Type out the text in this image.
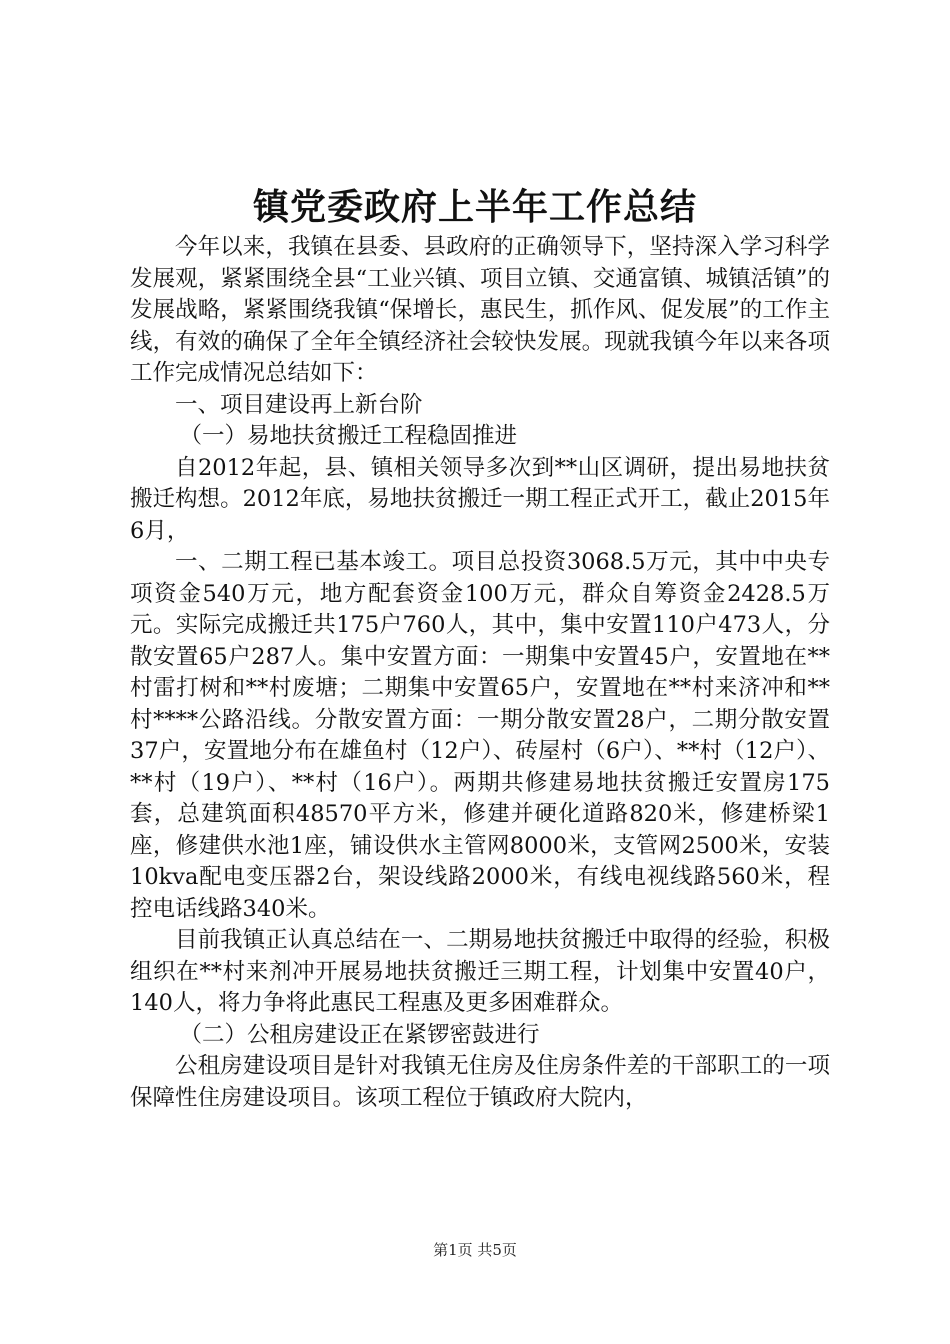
镇党委政府上半年工作总结

今年以来，我镇在县委、县政府的正确领导下，坚持深入学习科学发展观，紧紧围绕全县“工业兴镇、项目立镇、交通富镇、城镇活镇”的发展战略，紧紧围绕我镇“保增长，惠民生，抓作风、促发展”的工作主线，有效的确保了全年全镇经济社会较快发展。现就我镇今年以来各项工作完成情况总结如下：

一、项目建设再上新台阶

（一）易地扶贫搬迁工程稳固推进

自2012年起，县、镇相关领导多次到**山区调研，提出易地扶贫搬迁构想。2012年底，易地扶贫搬迁一期工程正式开工，截止2015年6月，

一、二期工程已基本竣工。项目总投资3068.5万元，其中中央专项资金540万元，地方配套资金100万元，群众自筹资金2428.5万元。实际完成搬迁共175户760人，其中，集中安置110户473人，分散安置65户287人。集中安置方面：一期集中安置45户，安置地在**村雷打树和**村废塘；二期集中安置65户，安置地在**村来济冲和**村****公路沿线。分散安置方面：一期分散安置28户，二期分散安置37户，安置地分布在雄鱼村（12户）、砖屋村（6户）、**村（12户）、**村（19户）、**村（16户）。两期共修建易地扶贫搬迁安置房175套，总建筑面积48570平方米，修建并硬化道路820米，修建桥梁1座，修建供水池1座，铺设供水主管网8000米，支管网2500米，安装10kva配电变压器2台，架设线路2000米，有线电视线路560米，程控电话线路340米。

目前我镇正认真总结在一、二期易地扶贫搬迁中取得的经验，积极组织在**村来剂冲开展易地扶贫搬迁三期工程，计划集中安置40户，140人，将力争将此惠民工程惠及更多困难群众。

（二）公租房建设正在紧锣密鼓进行

公租房建设项目是针对我镇无住房及住房条件差的干部职工的一项保障性住房建设项目。该项工程位于镇政府大院内，

第1页 共5页
